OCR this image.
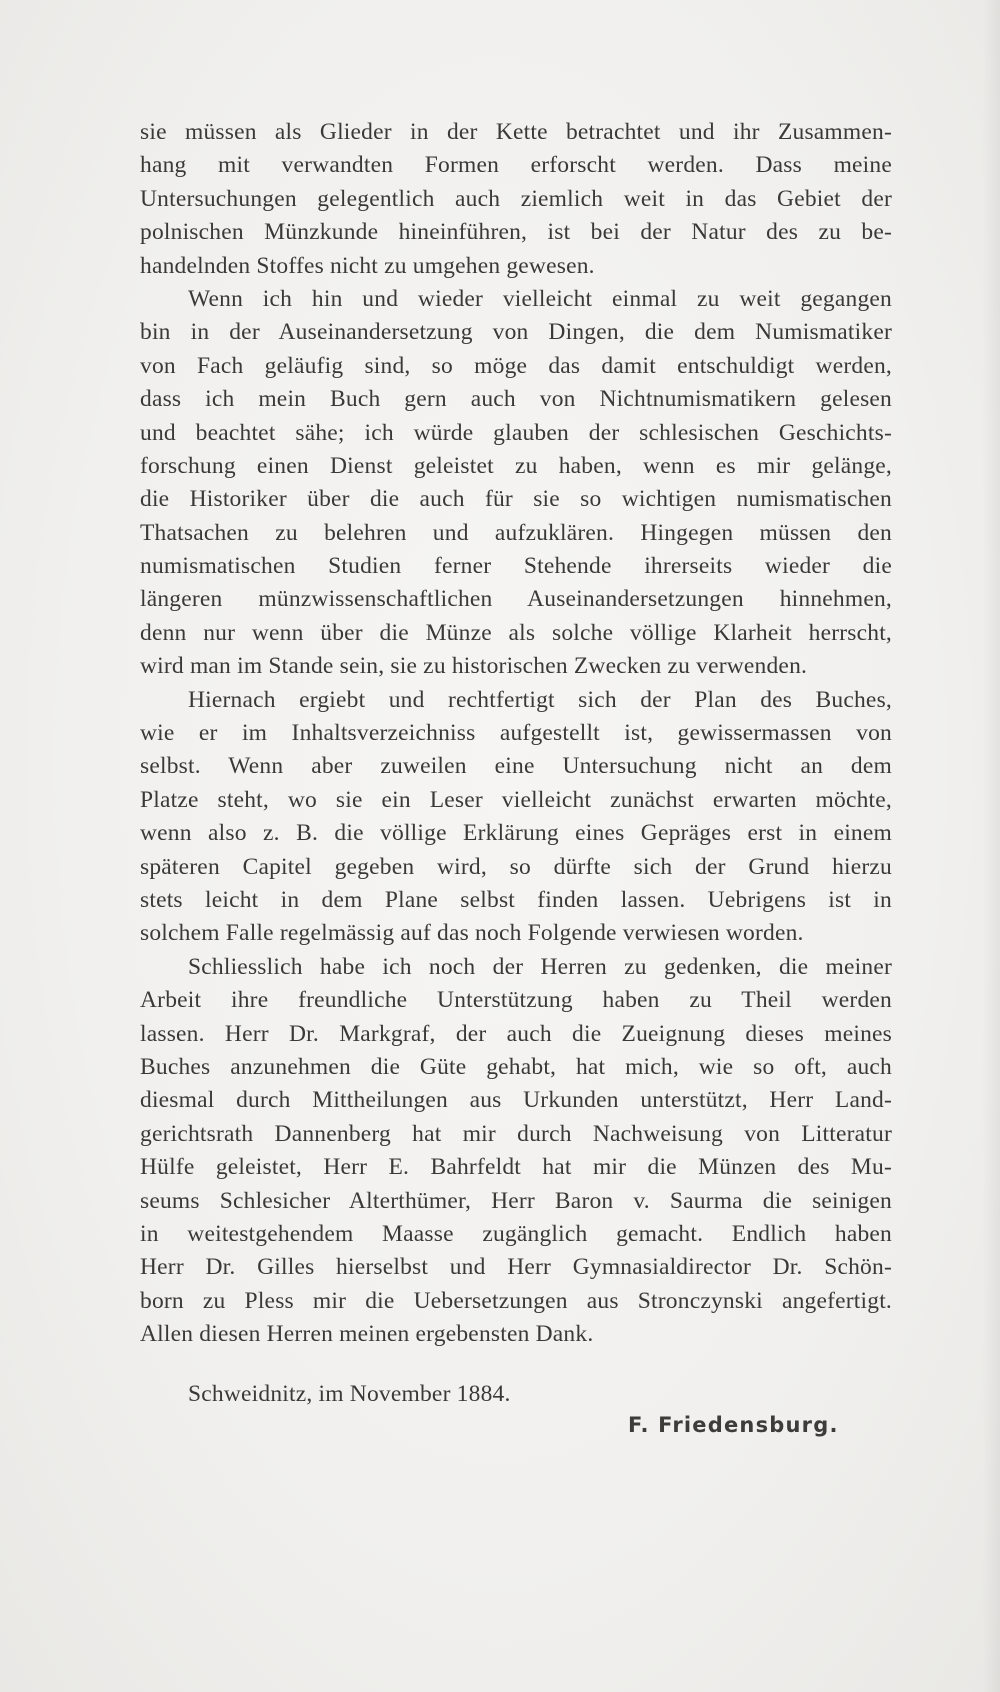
sie müssen als Glieder in der Kette betrachtet und ihr Zusammen-
hang mit verwandten Formen erforscht werden. Dass meine
Untersuchungen gelegentlich auch ziemlich weit in das Gebiet der
polnischen Münzkunde hineinführen, ist bei der Natur des zu be-
handelnden Stoffes nicht zu umgehen gewesen.
Wenn ich hin und wieder vielleicht einmal zu weit gegangen
bin in der Auseinandersetzung von Dingen, die dem Numismatiker
von Fach geläufig sind, so möge das damit entschuldigt werden,
dass ich mein Buch gern auch von Nichtnumismatikern gelesen
und beachtet sähe; ich würde glauben der schlesischen Geschichts-
forschung einen Dienst geleistet zu haben, wenn es mir gelänge,
die Historiker über die auch für sie so wichtigen numismatischen
Thatsachen zu belehren und aufzuklären. Hingegen müssen den
numismatischen Studien ferner Stehende ihrerseits wieder die
längeren münzwissenschaftlichen Auseinandersetzungen hinnehmen,
denn nur wenn über die Münze als solche völlige Klarheit herrscht,
wird man im Stande sein, sie zu historischen Zwecken zu verwenden.
Hiernach ergiebt und rechtfertigt sich der Plan des Buches,
wie er im Inhaltsverzeichniss aufgestellt ist, gewissermassen von
selbst. Wenn aber zuweilen eine Untersuchung nicht an dem
Platze steht, wo sie ein Leser vielleicht zunächst erwarten möchte,
wenn also z. B. die völlige Erklärung eines Gepräges erst in einem
späteren Capitel gegeben wird, so dürfte sich der Grund hierzu
stets leicht in dem Plane selbst finden lassen. Uebrigens ist in
solchem Falle regelmässig auf das noch Folgende verwiesen worden.
Schliesslich habe ich noch der Herren zu gedenken, die meiner
Arbeit ihre freundliche Unterstützung haben zu Theil werden
lassen. Herr Dr. Markgraf, der auch die Zueignung dieses meines
Buches anzunehmen die Güte gehabt, hat mich, wie so oft, auch
diesmal durch Mittheilungen aus Urkunden unterstützt, Herr Land-
gerichtsrath Dannenberg hat mir durch Nachweisung von Litteratur
Hülfe geleistet, Herr E. Bahrfeldt hat mir die Münzen des Mu-
seums Schlesicher Alterthümer, Herr Baron v. Saurma die seinigen
in weitestgehendem Maasse zugänglich gemacht. Endlich haben
Herr Dr. Gilles hierselbst und Herr Gymnasialdirector Dr. Schön-
born zu Pless mir die Uebersetzungen aus Stronczynski angefertigt.
Allen diesen Herren meinen ergebensten Dank.
Schweidnitz, im November 1884.
F. Friedensburg.
